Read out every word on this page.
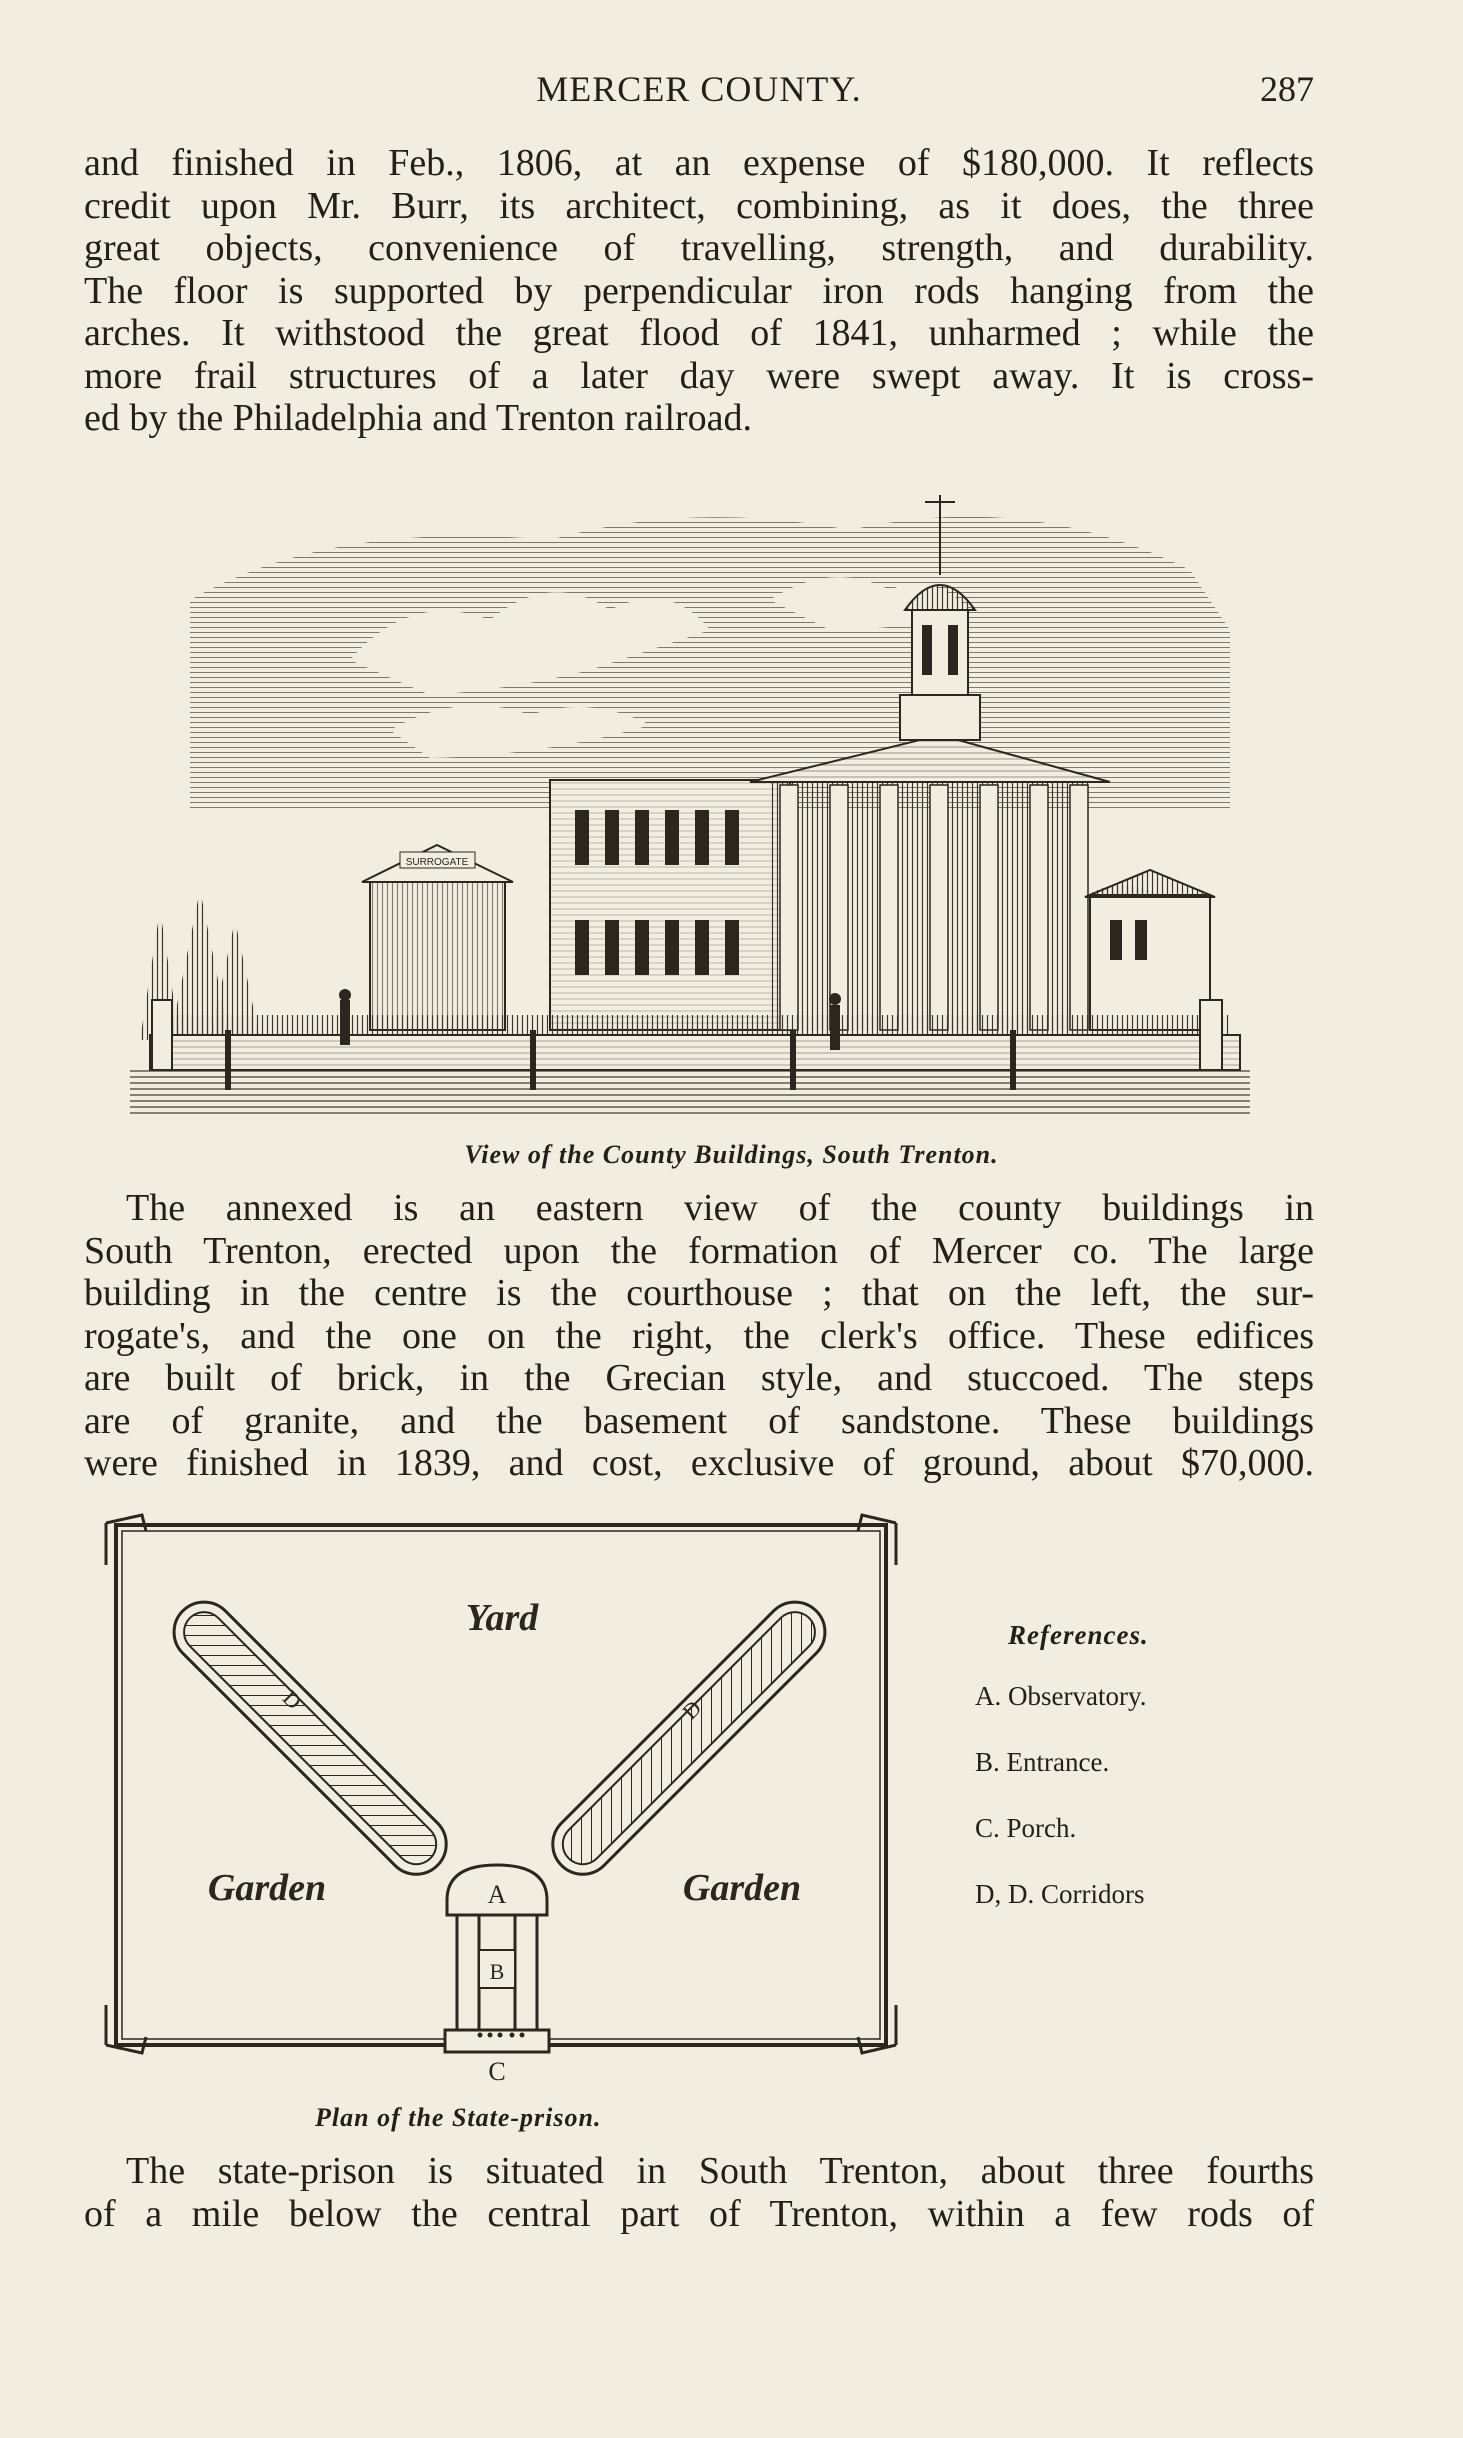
MERCER COUNTY.	287
and finished in Feb., 1806, at an expense of $180,000. It reflects
credit upon Mr. Burr, its architect, combining, as it does, the three
great objects, convenience of travelling, strength, and durability.
The floor is supported by perpendicular iron rods hanging from the
arches. It withstood the great flood of 1841, unharmed ; while the
more frail structures of a later day were swept away. It is cross-
ed by the Philadelphia and Trenton railroad.
SURROGATE
View of the County Buildings, South Trenton.
The annexed is an eastern view of the county buildings in
South Trenton, erected upon the formation of Mercer co. The large
building in the centre is the courthouse ; that on the left, the sur-
rogate's, and the one on the right, the clerk's office. These edifices
are built of brick, in the Grecian style, and stuccoed. The steps
are of granite, and the basement of sandstone. These buildings
were finished in 1839, and cost, exclusive of ground, about $70,000.
Yard
Garden	Garden
A
B
C
D	D
References.
A. Observatory.
B. Entrance.
C. Porch.
D, D. Corridors
Plan of the State-prison.
The state-prison is situated in South Trenton, about three fourths
of a mile below the central part of Trenton, within a few rods of
